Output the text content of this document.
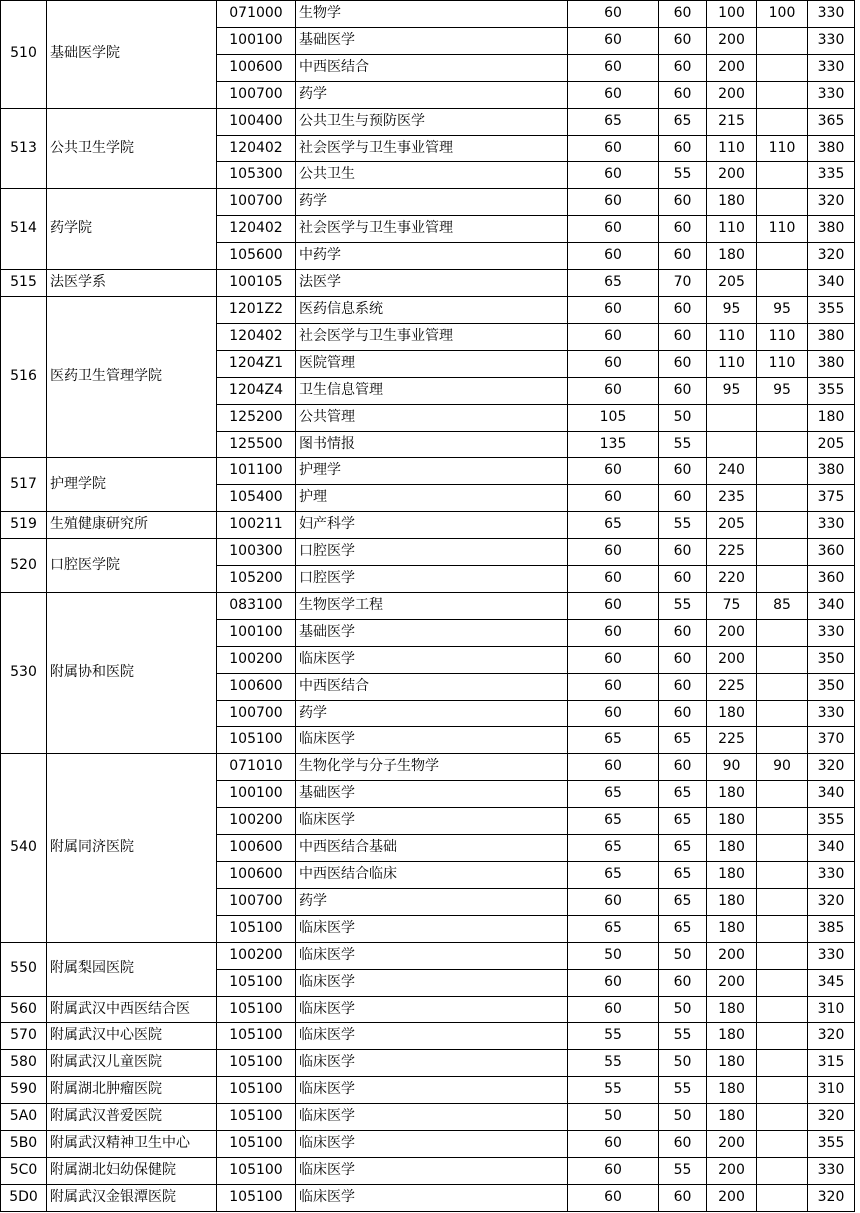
510	基础医学院	071000	生物学	60	60	100	100	330
		100100	基础医学	60	60	200		330
		100600	中西医结合	60	60	200		330
		100700	药学	60	60	200		330
513	公共卫生学院	100400	公共卫生与预防医学	65	65	215		365
		120402	社会医学与卫生事业管理	60	60	110	110	380
		105300	公共卫生	60	55	200		335
514	药学院	100700	药学	60	60	180		320
		120402	社会医学与卫生事业管理	60	60	110	110	380
		105600	中药学	60	60	180		320
515	法医学系	100105	法医学	65	70	205		340
516	医药卫生管理学院	1201Z2	医药信息系统	60	60	95	95	355
		120402	社会医学与卫生事业管理	60	60	110	110	380
		1204Z1	医院管理	60	60	110	110	380
		1204Z4	卫生信息管理	60	60	95	95	355
		125200	公共管理	105	50			180
		125500	图书情报	135	55			205
517	护理学院	101100	护理学	60	60	240		380
		105400	护理	60	60	235		375
519	生殖健康研究所	100211	妇产科学	65	55	205		330
520	口腔医学院	100300	口腔医学	60	60	225		360
		105200	口腔医学	60	60	220		360
530	附属协和医院	083100	生物医学工程	60	55	75	85	340
		100100	基础医学	60	60	200		330
		100200	临床医学	60	60	200		350
		100600	中西医结合	60	60	225		350
		100700	药学	60	60	180		330
		105100	临床医学	65	65	225		370
540	附属同济医院	071010	生物化学与分子生物学	60	60	90	90	320
		100100	基础医学	65	65	180		340
		100200	临床医学	65	65	180		355
		100600	中西医结合基础	65	65	180		340
		100600	中西医结合临床	65	65	180		330
		100700	药学	60	65	180		320
		105100	临床医学	65	65	180		385
550	附属梨园医院	100200	临床医学	50	50	200		330
		105100	临床医学	60	60	200		345
560	附属武汉中西医结合医	105100	临床医学	60	50	180		310
570	附属武汉中心医院	105100	临床医学	55	55	180		320
580	附属武汉儿童医院	105100	临床医学	55	50	180		315
590	附属湖北肿瘤医院	105100	临床医学	55	55	180		310
5A0	附属武汉普爱医院	105100	临床医学	50	50	180		320
5B0	附属武汉精神卫生中心	105100	临床医学	60	60	200		355
5C0	附属湖北妇幼保健院	105100	临床医学	60	55	200		330
5D0	附属武汉金银潭医院	105100	临床医学	60	60	200		320
